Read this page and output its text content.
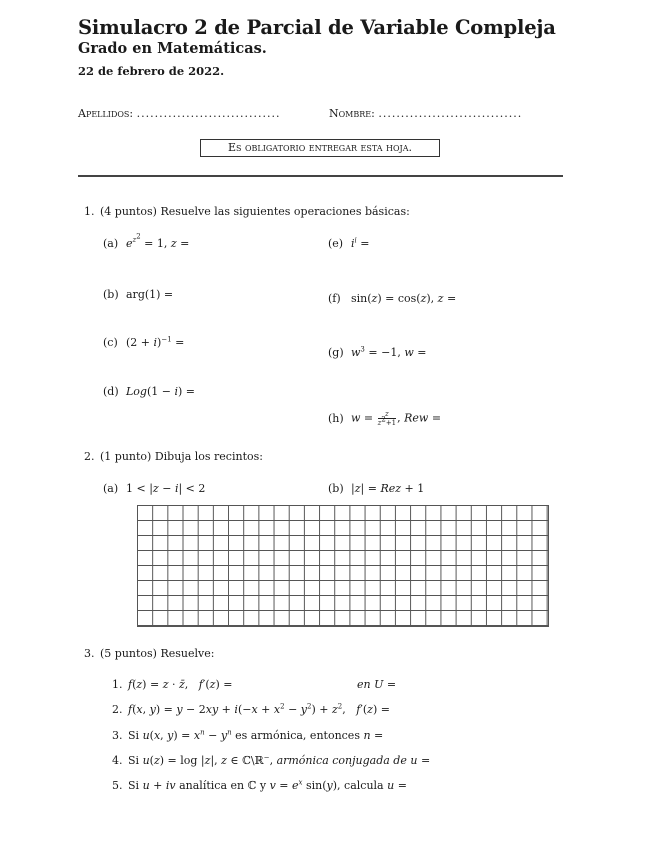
Simulacro 2 de Parcial de Variable Compleja
Grado en Matemáticas.
22 de febrero de 2022.
Apellidos: ................................	Nombre: ................................
Es obligatorio entregar esta hoja.
1. (4 puntos) Resuelve las siguientes operaciones básicas:
(a) $e^{z^2} = 1$, z =	(e) $i^i$ =
(b) arg(1) =	(f) sin(z) = cos(z), z =
(c) $(2 + i)^{-1}$ =
(g) $w^3 = -1$, w =
(d) Log(1 − i) =
(h) $w = \frac{z}{z^2+1}$ , Rew =
2. (1 punto) Dibuja los recintos:
(a) 1 < |z − i| < 2	(b) |z| = Rez + 1
3. (5 puntos) Resuelve:
1. f(z) = z · z̄,   f′(z) =	en U =
2. f(x, $y) = y - 2xy + i(-x + x^2 - y^2) + z^2$,   f′(z) =
3. Si u(x, $y) = x^n - y^n$ es armónica, entonces n =
4. Si u(z) = log |z|, z ∈ ℂ\ℝ−, armónica conjugada de u =
5. Si u + iv analítica en ℂ y $v = e^x$ sin(y), calcula u =
